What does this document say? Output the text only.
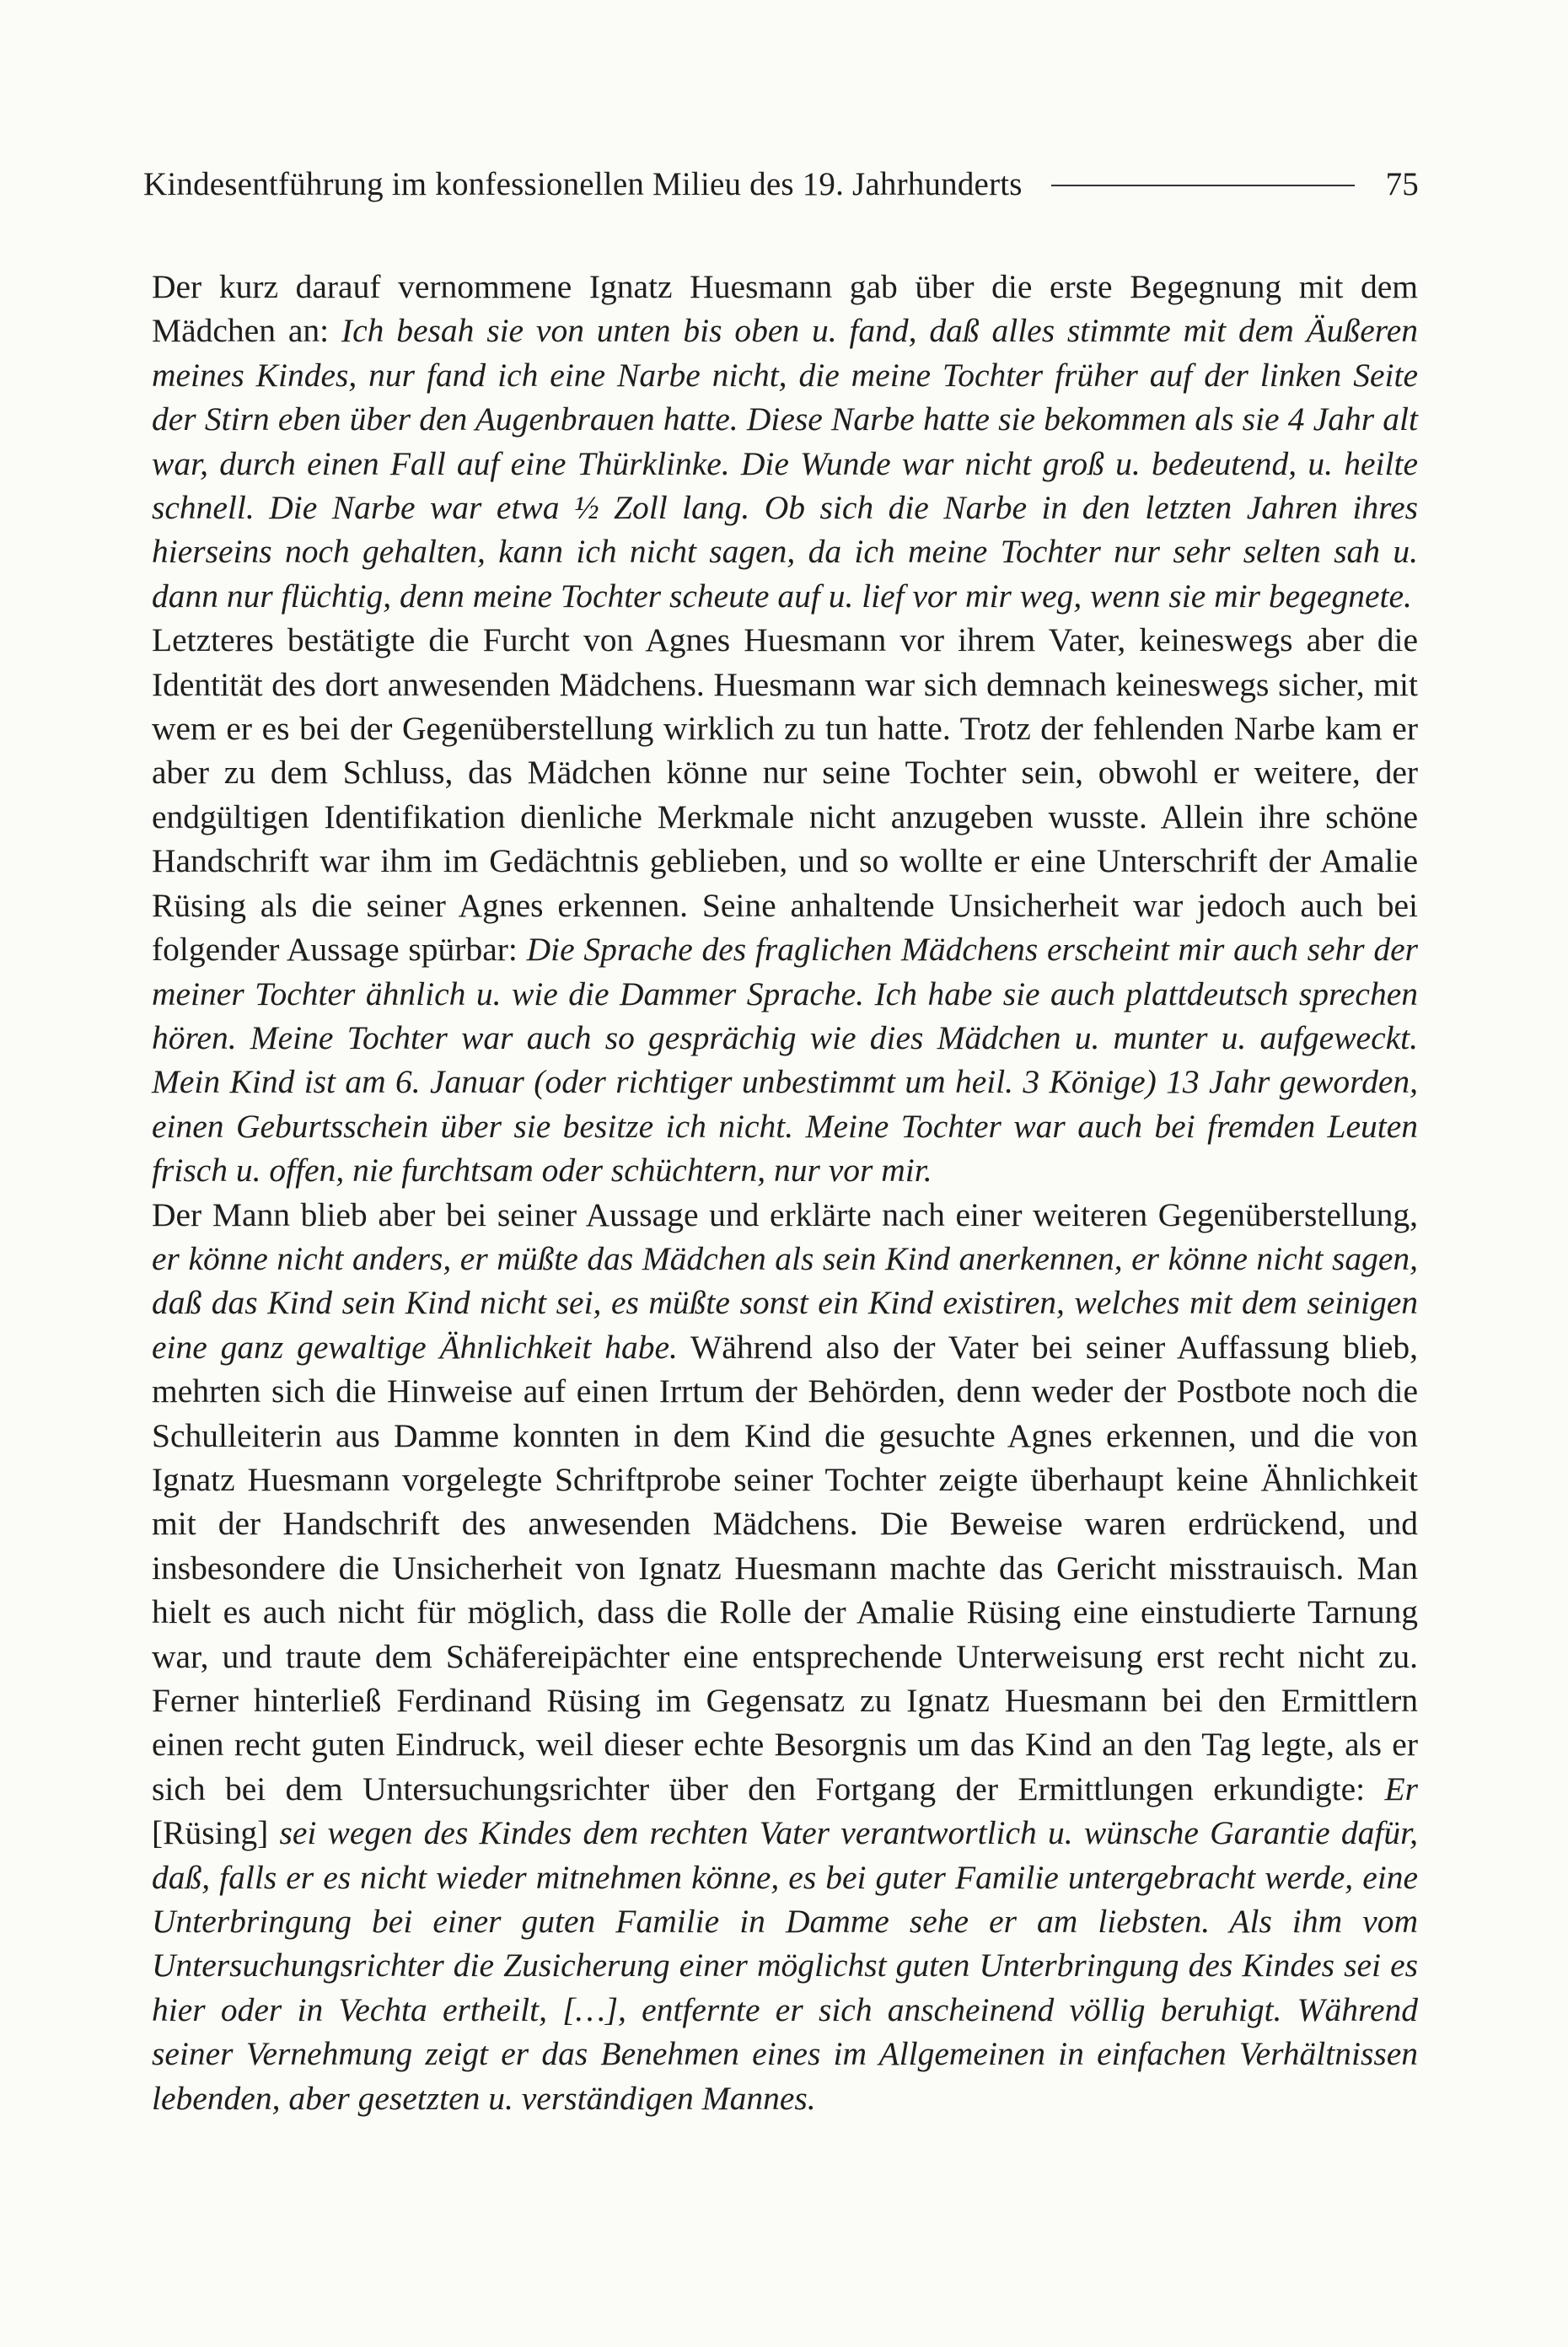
Kindesentführung im konfessionellen Milieu des 19. Jahrhunderts	75

Der kurz darauf vernommene Ignatz Huesmann gab über die erste Begegnung mit dem Mädchen an: Ich besah sie von unten bis oben u. fand, daß alles stimmte mit dem Äußeren meines Kindes, nur fand ich eine Narbe nicht, die meine Tochter früher auf der linken Seite der Stirn eben über den Augenbrauen hatte. Diese Narbe hatte sie bekommen als sie 4 Jahr alt war, durch einen Fall auf eine Thürklinke. Die Wunde war nicht groß u. bedeutend, u. heilte schnell. Die Narbe war etwa ½ Zoll lang. Ob sich die Narbe in den letzten Jahren ihres hierseins noch gehalten, kann ich nicht sagen, da ich meine Tochter nur sehr selten sah u. dann nur flüchtig, denn meine Tochter scheute auf u. lief vor mir weg, wenn sie mir begegnete.

Letzteres bestätigte die Furcht von Agnes Huesmann vor ihrem Vater, keineswegs aber die Identität des dort anwesenden Mädchens. Huesmann war sich demnach keineswegs sicher, mit wem er es bei der Gegenüberstellung wirklich zu tun hatte. Trotz der fehlenden Narbe kam er aber zu dem Schluss, das Mädchen könne nur seine Tochter sein, obwohl er weitere, der endgültigen Identifikation dienliche Merkmale nicht anzugeben wusste. Allein ihre schöne Handschrift war ihm im Gedächtnis geblieben, und so wollte er eine Unterschrift der Amalie Rüsing als die seiner Agnes erkennen. Seine anhaltende Unsicherheit war jedoch auch bei folgender Aussage spürbar: Die Sprache des fraglichen Mädchens erscheint mir auch sehr der meiner Tochter ähnlich u. wie die Dammer Sprache. Ich habe sie auch plattdeutsch sprechen hören. Meine Tochter war auch so gesprächig wie dies Mädchen u. munter u. aufgeweckt. Mein Kind ist am 6. Januar (oder richtiger unbestimmt um heil. 3 Könige) 13 Jahr geworden, einen Geburtsschein über sie besitze ich nicht. Meine Tochter war auch bei fremden Leuten frisch u. offen, nie furchtsam oder schüchtern, nur vor mir.

Der Mann blieb aber bei seiner Aussage und erklärte nach einer weiteren Gegenüberstellung, er könne nicht anders, er müßte das Mädchen als sein Kind anerkennen, er könne nicht sagen, daß das Kind sein Kind nicht sei, es müßte sonst ein Kind existiren, welches mit dem seinigen eine ganz gewaltige Ähnlichkeit habe. Während also der Vater bei seiner Auffassung blieb, mehrten sich die Hinweise auf einen Irrtum der Behörden, denn weder der Postbote noch die Schulleiterin aus Damme konnten in dem Kind die gesuchte Agnes erkennen, und die von Ignatz Huesmann vorgelegte Schriftprobe seiner Tochter zeigte überhaupt keine Ähnlichkeit mit der Handschrift des anwesenden Mädchens. Die Beweise waren erdrückend, und insbesondere die Unsicherheit von Ignatz Huesmann machte das Gericht misstrauisch. Man hielt es auch nicht für möglich, dass die Rolle der Amalie Rüsing eine einstudierte Tarnung war, und traute dem Schäfereipächter eine entsprechende Unterweisung erst recht nicht zu. Ferner hinterließ Ferdinand Rüsing im Gegensatz zu Ignatz Huesmann bei den Ermittlern einen recht guten Eindruck, weil dieser echte Besorgnis um das Kind an den Tag legte, als er sich bei dem Untersuchungsrichter über den Fortgang der Ermittlungen erkundigte: Er [Rüsing] sei wegen des Kindes dem rechten Vater verantwortlich u. wünsche Garantie dafür, daß, falls er es nicht wieder mitnehmen könne, es bei guter Familie untergebracht werde, eine Unterbringung bei einer guten Familie in Damme sehe er am liebsten. Als ihm vom Untersuchungsrichter die Zusicherung einer möglichst guten Unterbringung des Kindes sei es hier oder in Vechta ertheilt, […], entfernte er sich anscheinend völlig beruhigt. Während seiner Vernehmung zeigt er das Benehmen eines im Allgemeinen in einfachen Verhältnissen lebenden, aber gesetzten u. verständigen Mannes.
